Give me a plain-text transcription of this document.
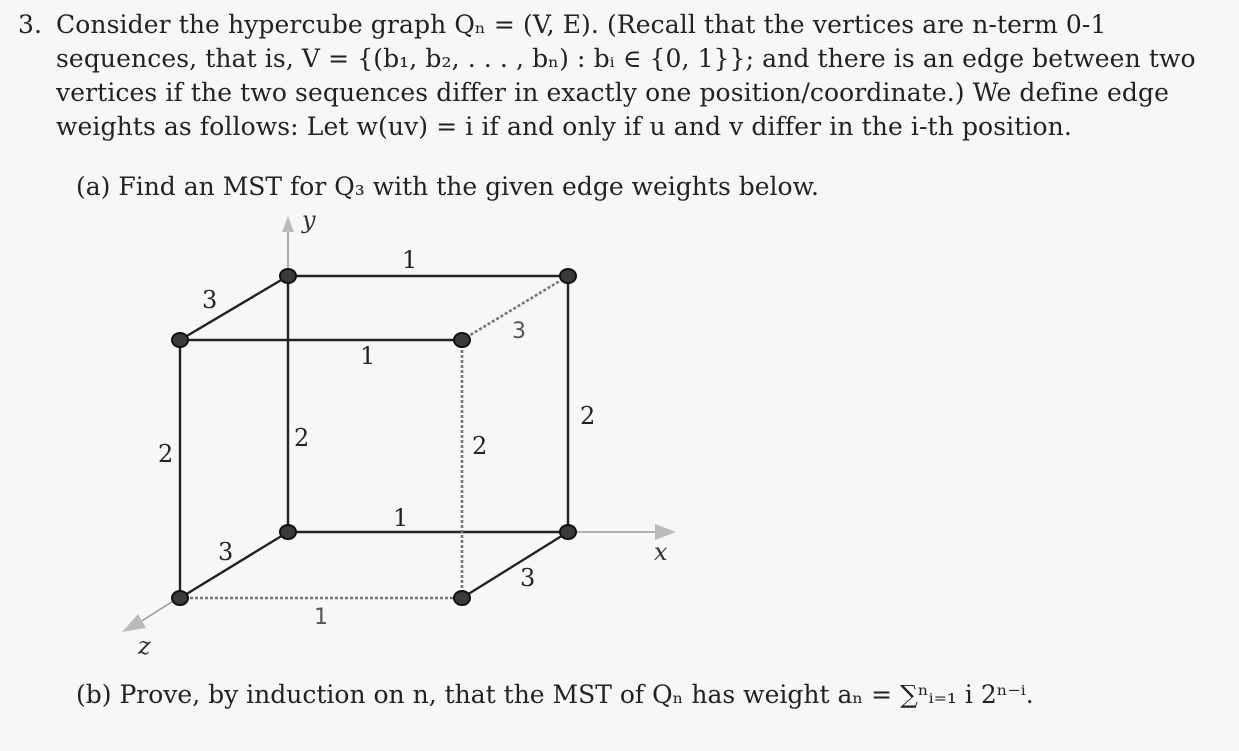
3. Consider the hypercube graph Qₙ = (V, E). (Recall that the vertices are n-term 0-1
sequences, that is, V = {(b₁, b₂, . . . , bₙ) : bᵢ ∈ {0, 1}}; and there is an edge between two
vertices if the two sequences differ in exactly one position/coordinate.) We define edge
weights as follows: Let w(uv) = i if and only if u and v differ in the i-th position.
(a) Find an MST for Q₃ with the given edge weights below.
y
x
z
1
1
1
3
3
3
3
2
2	2
2
1
(b) Prove, by induction on n, that the MST of Qₙ has weight aₙ = ∑ⁿᵢ₌₁ i 2ⁿ⁻ⁱ.
